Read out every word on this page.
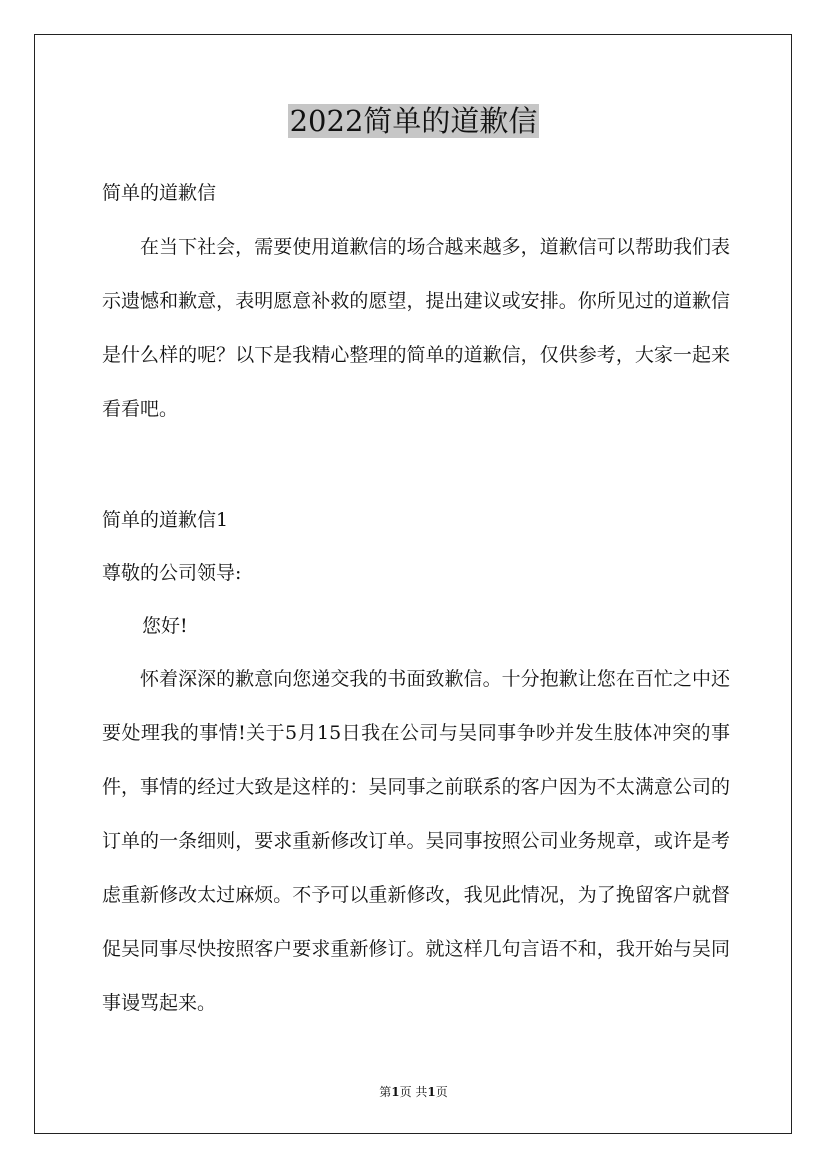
2022简单的道歉信
简单的道歉信
在当下社会，需要使用道歉信的场合越来越多，道歉信可以帮助我们表示遗憾和歉意，表明愿意补救的愿望，提出建议或安排。你所见过的道歉信是什么样的呢？以下是我精心整理的简单的道歉信，仅供参考，大家一起来看看吧。
简单的道歉信1
尊敬的公司领导:
您好!
怀着深深的歉意向您递交我的书面致歉信。十分抱歉让您在百忙之中还要处理我的事情!关于5月15日我在公司与吴同事争吵并发生肢体冲突的事件，事情的经过大致是这样的：吴同事之前联系的客户因为不太满意公司的订单的一条细则，要求重新修改订单。吴同事按照公司业务规章，或许是考虑重新修改太过麻烦。不予可以重新修改，我见此情况，为了挽留客户就督促吴同事尽快按照客户要求重新修订。就这样几句言语不和，我开始与吴同事谩骂起来。
第1页 共1页
